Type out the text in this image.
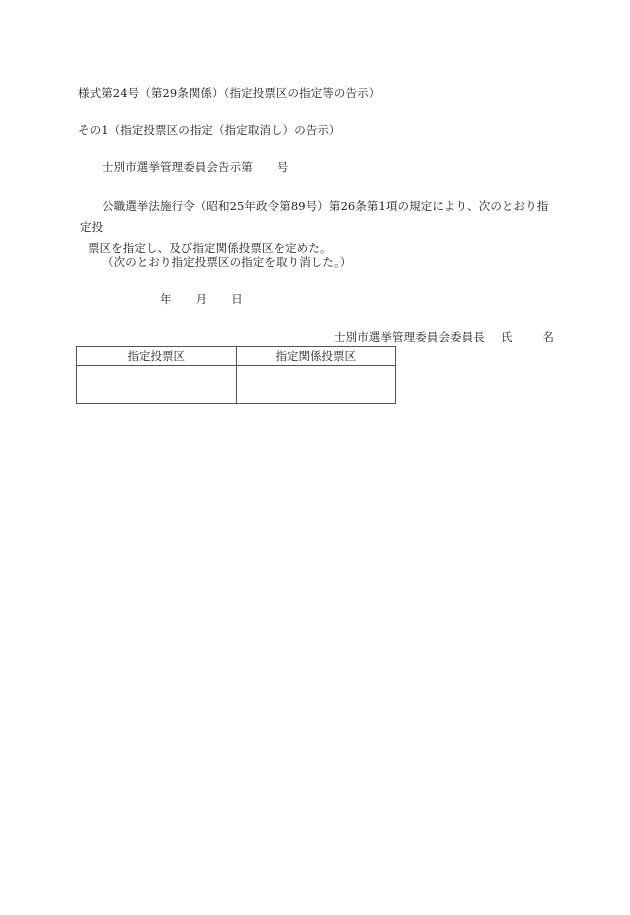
様式第24号（第29条関係）（指定投票区の指定等の告示）
その1（指定投票区の指定（指定取消し）の告示）
士別市選挙管理委員会告示第 号
公職選挙法施行令（昭和25年政令第89号）第26条第1項の規定により、次のとおり指定投
票区を指定し、及び指定関係投票区を定めた。
（次のとおり指定投票区の指定を取り消した。）
年 月 日
士別市選挙管理委員会委員長 氏	名
指定投票区	指定関係投票区
